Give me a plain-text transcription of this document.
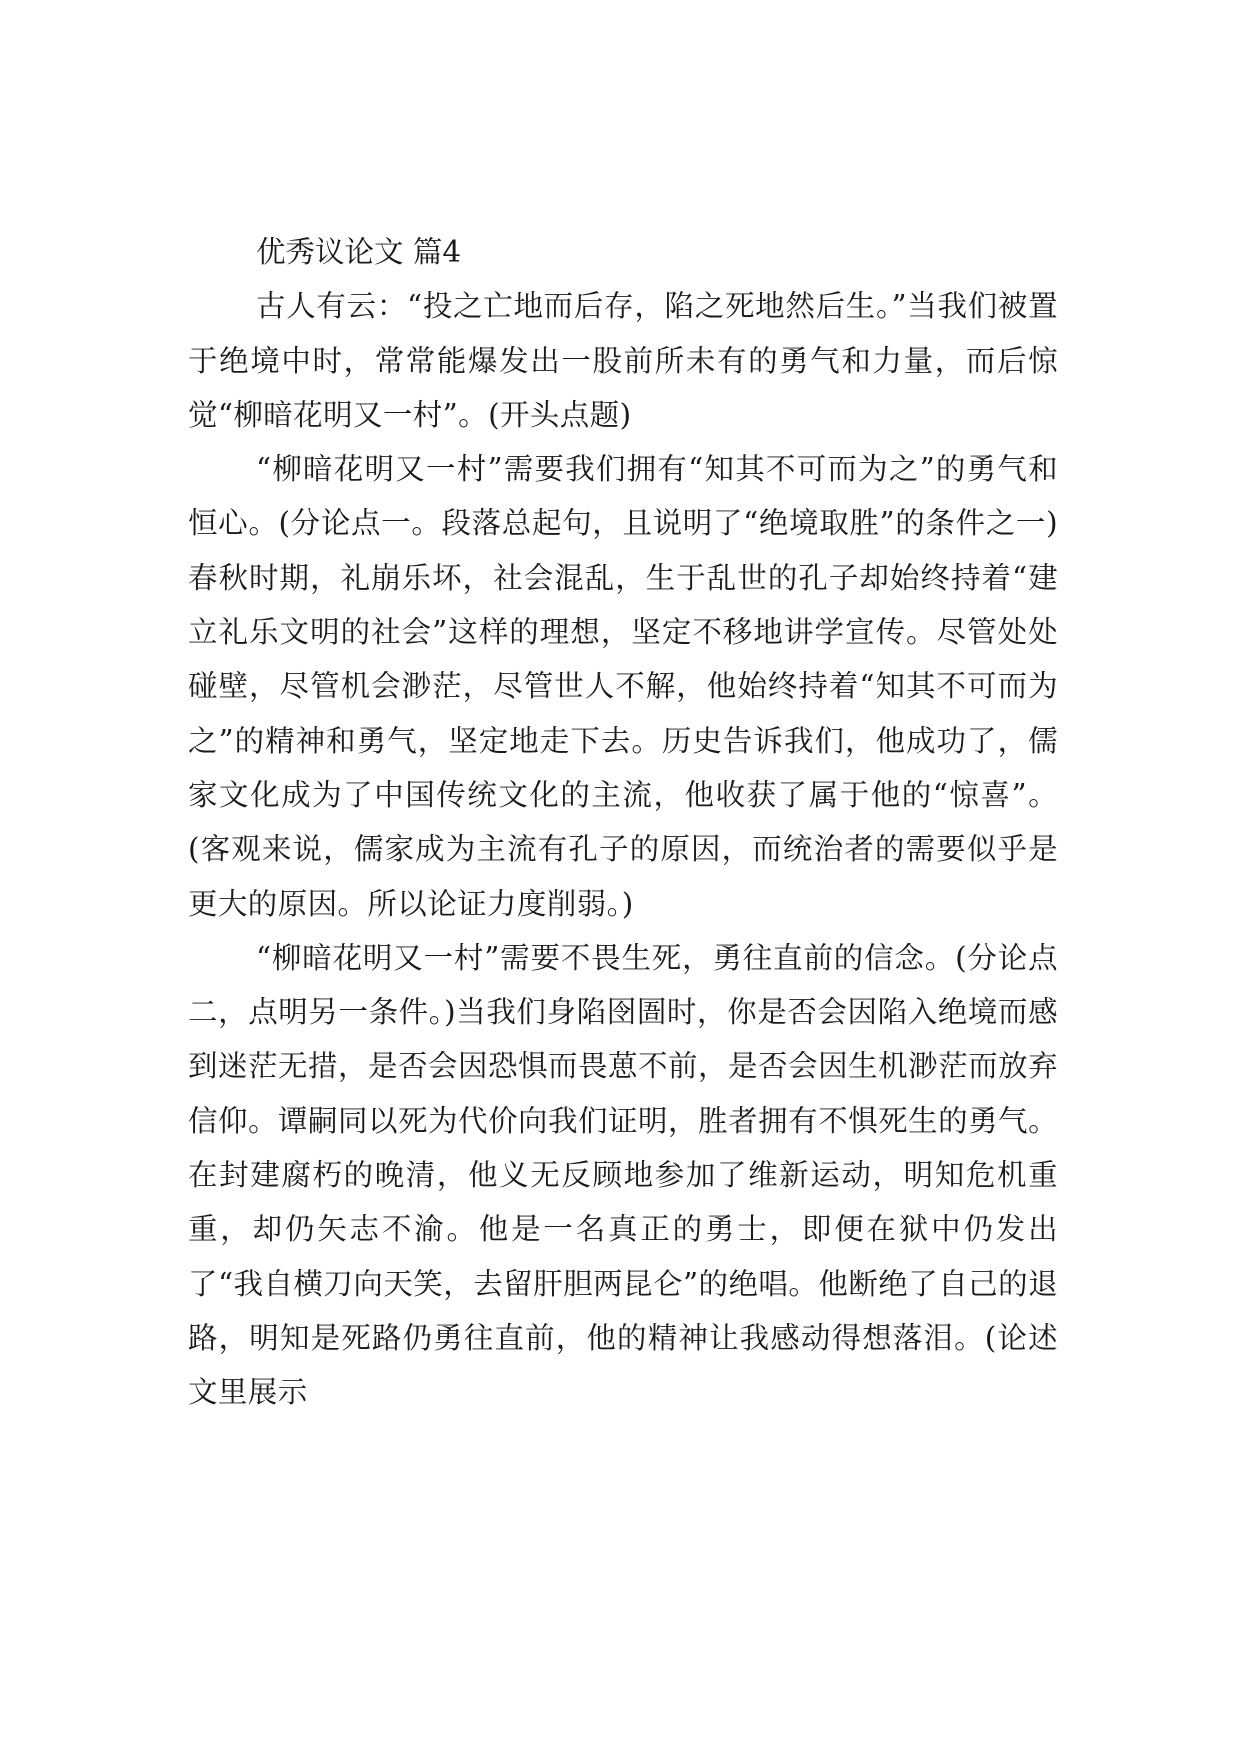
优秀议论文 篇4

古人有云：“投之亡地而后存，陷之死地然后生。”当我们被置于绝境中时，常常能爆发出一股前所未有的勇气和力量，而后惊觉“柳暗花明又一村”。(开头点题)

“柳暗花明又一村”需要我们拥有“知其不可而为之”的勇气和恒心。(分论点一。段落总起句，且说明了“绝境取胜”的条件之一)春秋时期，礼崩乐坏，社会混乱，生于乱世的孔子却始终持着“建立礼乐文明的社会”这样的理想，坚定不移地讲学宣传。尽管处处碰壁，尽管机会渺茫，尽管世人不解，他始终持着“知其不可而为之”的精神和勇气，坚定地走下去。历史告诉我们，他成功了，儒家文化成为了中国传统文化的主流，他收获了属于他的“惊喜”。(客观来说，儒家成为主流有孔子的原因，而统治者的需要似乎是更大的原因。所以论证力度削弱。)

“柳暗花明又一村”需要不畏生死，勇往直前的信念。(分论点二，点明另一条件。)当我们身陷囹圄时，你是否会因陷入绝境而感到迷茫无措，是否会因恐惧而畏葸不前，是否会因生机渺茫而放弃信仰。谭嗣同以死为代价向我们证明，胜者拥有不惧死生的勇气。在封建腐朽的晚清，他义无反顾地参加了维新运动，明知危机重重，却仍矢志不渝。他是一名真正的勇士，即便在狱中仍发出了“我自横刀向天笑，去留肝胆两昆仑”的绝唱。他断绝了自己的退路，明知是死路仍勇往直前，他的精神让我感动得想落泪。(论述文里展示
